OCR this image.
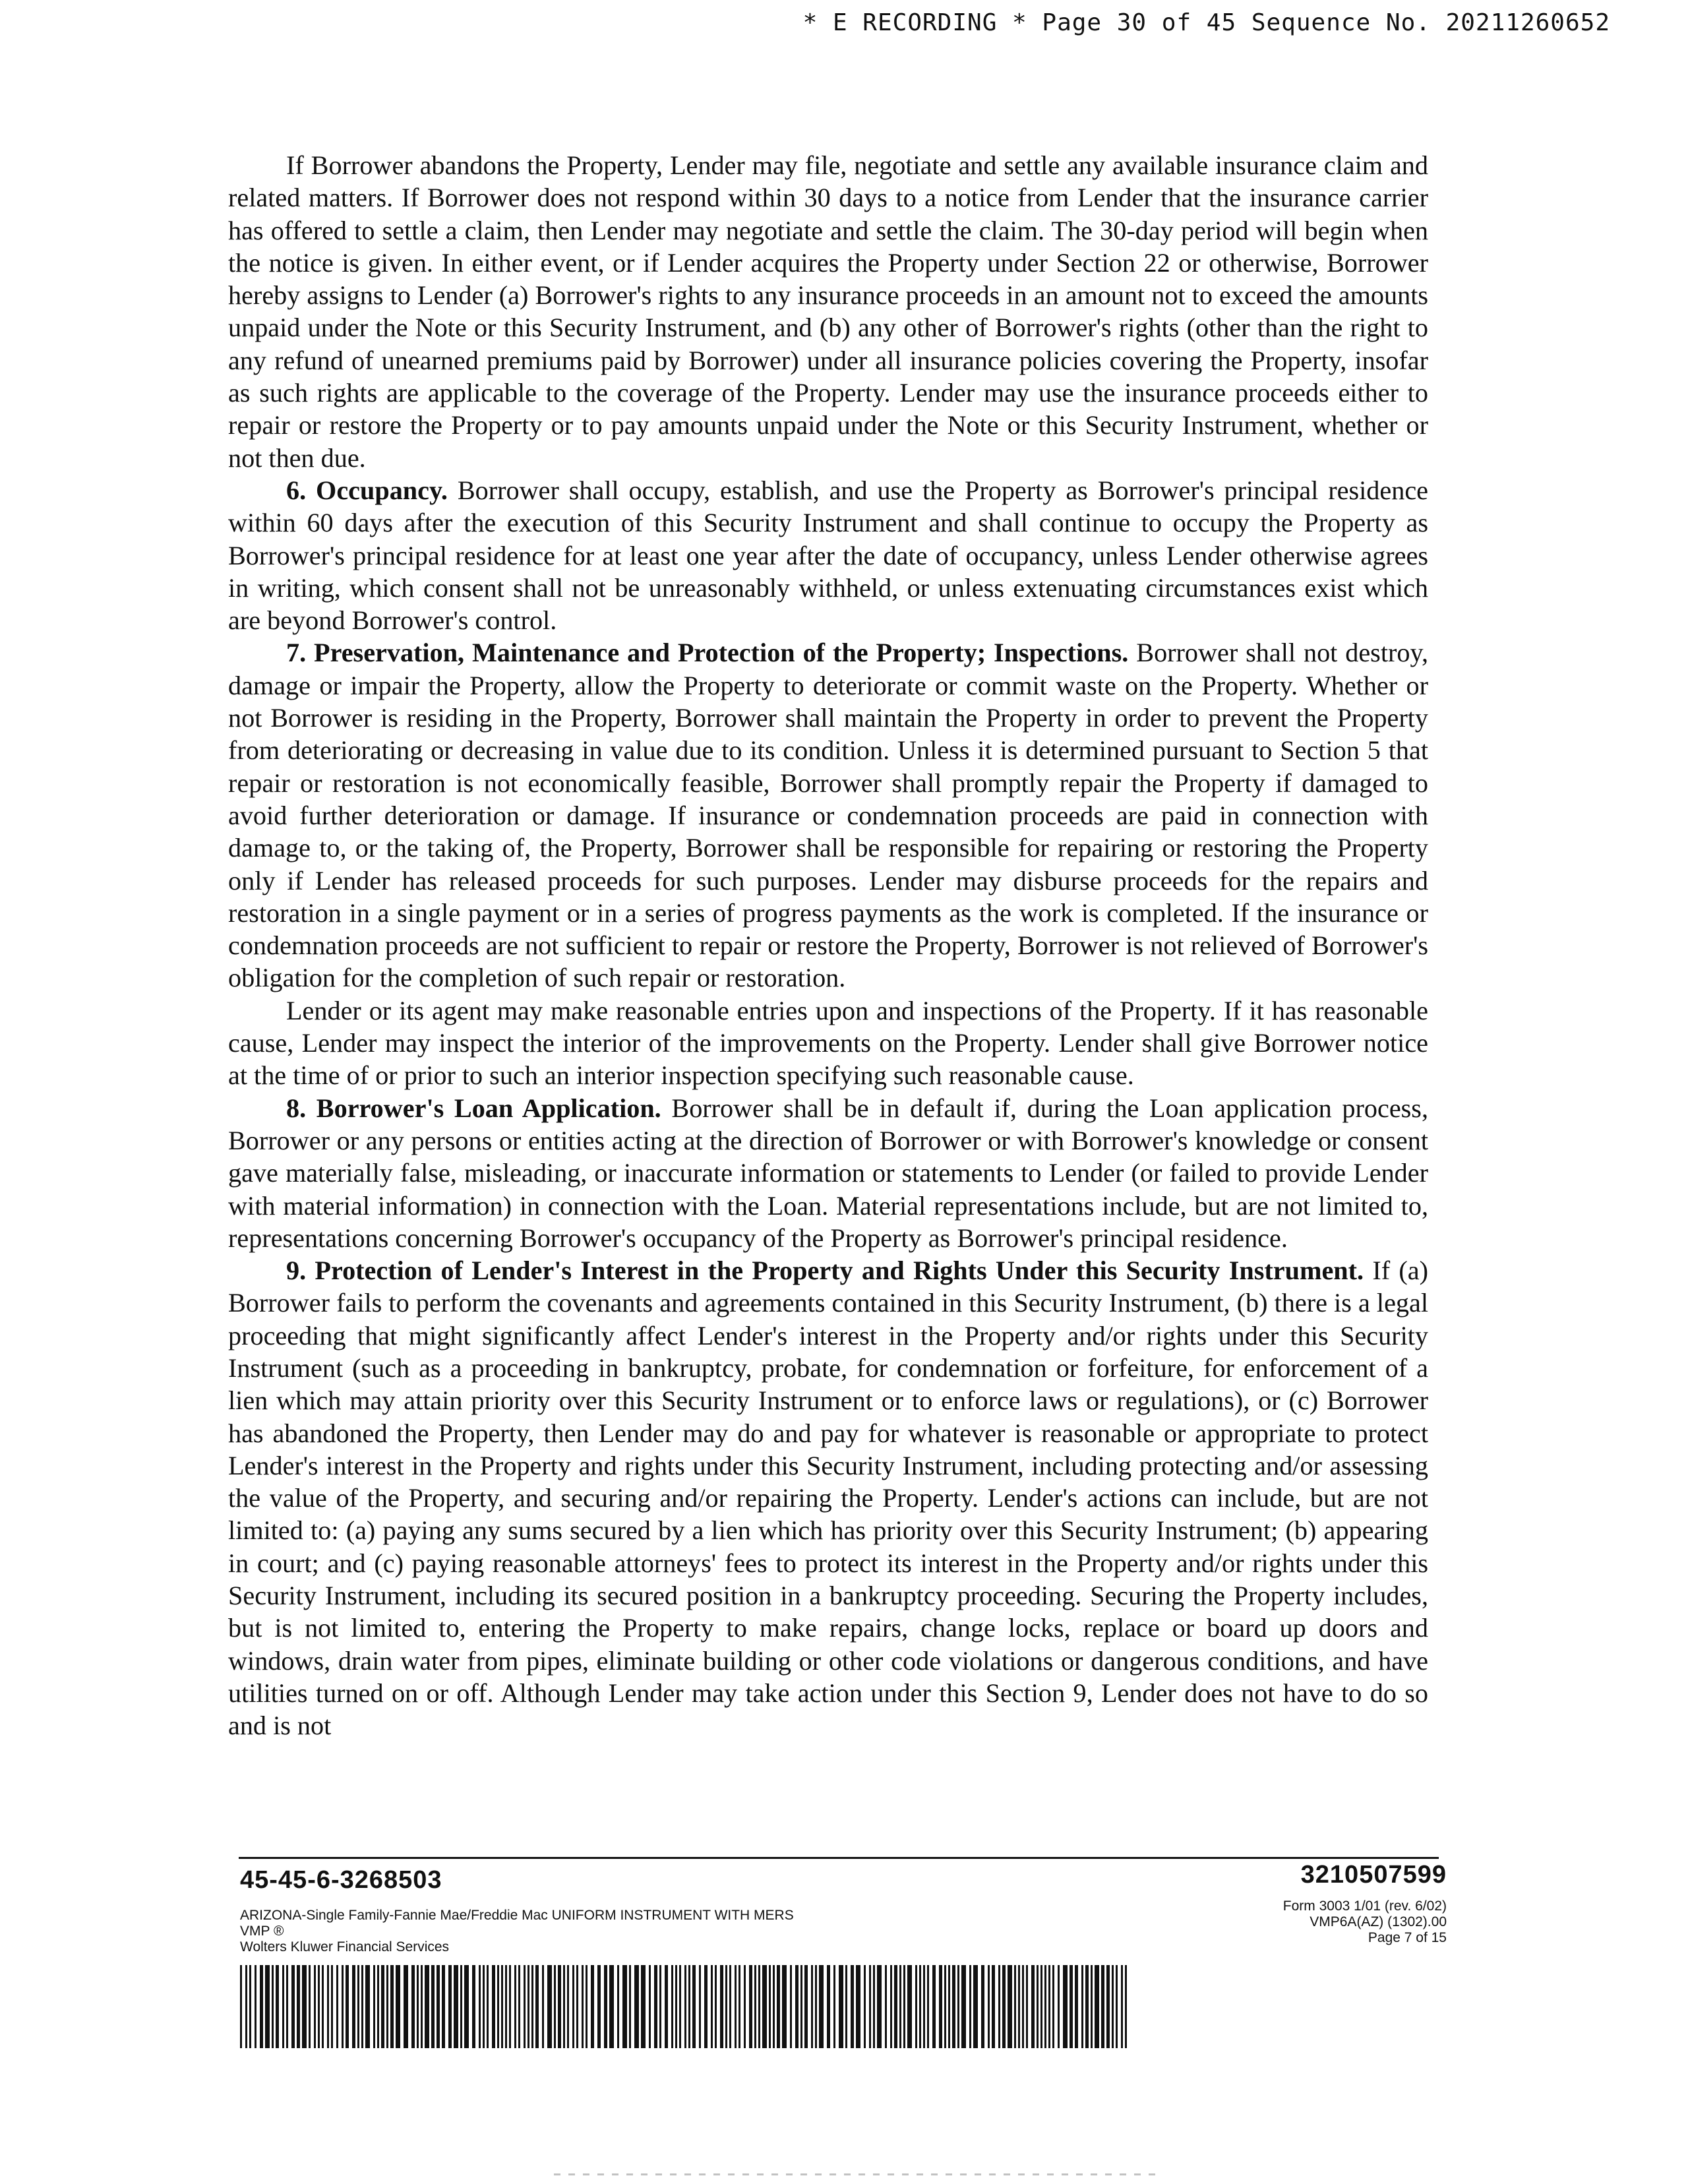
* E RECORDING * Page 30 of 45 Sequence No. 20211260652

If Borrower abandons the Property, Lender may file, negotiate and settle any available insurance claim and related matters. If Borrower does not respond within 30 days to a notice from Lender that the insurance carrier has offered to settle a claim, then Lender may negotiate and settle the claim. The 30-day period will begin when the notice is given. In either event, or if Lender acquires the Property under Section 22 or otherwise, Borrower hereby assigns to Lender (a) Borrower's rights to any insurance proceeds in an amount not to exceed the amounts unpaid under the Note or this Security Instrument, and (b) any other of Borrower's rights (other than the right to any refund of unearned premiums paid by Borrower) under all insurance policies covering the Property, insofar as such rights are applicable to the coverage of the Property. Lender may use the insurance proceeds either to repair or restore the Property or to pay amounts unpaid under the Note or this Security Instrument, whether or not then due.

6. Occupancy. Borrower shall occupy, establish, and use the Property as Borrower's principal residence within 60 days after the execution of this Security Instrument and shall continue to occupy the Property as Borrower's principal residence for at least one year after the date of occupancy, unless Lender otherwise agrees in writing, which consent shall not be unreasonably withheld, or unless extenuating circumstances exist which are beyond Borrower's control.

7. Preservation, Maintenance and Protection of the Property; Inspections. Borrower shall not destroy, damage or impair the Property, allow the Property to deteriorate or commit waste on the Property. Whether or not Borrower is residing in the Property, Borrower shall maintain the Property in order to prevent the Property from deteriorating or decreasing in value due to its condition. Unless it is determined pursuant to Section 5 that repair or restoration is not economically feasible, Borrower shall promptly repair the Property if damaged to avoid further deterioration or damage. If insurance or condemnation proceeds are paid in connection with damage to, or the taking of, the Property, Borrower shall be responsible for repairing or restoring the Property only if Lender has released proceeds for such purposes. Lender may disburse proceeds for the repairs and restoration in a single payment or in a series of progress payments as the work is completed. If the insurance or condemnation proceeds are not sufficient to repair or restore the Property, Borrower is not relieved of Borrower's obligation for the completion of such repair or restoration.

Lender or its agent may make reasonable entries upon and inspections of the Property. If it has reasonable cause, Lender may inspect the interior of the improvements on the Property. Lender shall give Borrower notice at the time of or prior to such an interior inspection specifying such reasonable cause.

8. Borrower's Loan Application. Borrower shall be in default if, during the Loan application process, Borrower or any persons or entities acting at the direction of Borrower or with Borrower's knowledge or consent gave materially false, misleading, or inaccurate information or statements to Lender (or failed to provide Lender with material information) in connection with the Loan. Material representations include, but are not limited to, representations concerning Borrower's occupancy of the Property as Borrower's principal residence.

9. Protection of Lender's Interest in the Property and Rights Under this Security Instrument. If (a) Borrower fails to perform the covenants and agreements contained in this Security Instrument, (b) there is a legal proceeding that might significantly affect Lender's interest in the Property and/or rights under this Security Instrument (such as a proceeding in bankruptcy, probate, for condemnation or forfeiture, for enforcement of a lien which may attain priority over this Security Instrument or to enforce laws or regulations), or (c) Borrower has abandoned the Property, then Lender may do and pay for whatever is reasonable or appropriate to protect Lender's interest in the Property and rights under this Security Instrument, including protecting and/or assessing the value of the Property, and securing and/or repairing the Property. Lender's actions can include, but are not limited to: (a) paying any sums secured by a lien which has priority over this Security Instrument; (b) appearing in court; and (c) paying reasonable attorneys' fees to protect its interest in the Property and/or rights under this Security Instrument, including its secured position in a bankruptcy proceeding. Securing the Property includes, but is not limited to, entering the Property to make repairs, change locks, replace or board up doors and windows, drain water from pipes, eliminate building or other code violations or dangerous conditions, and have utilities turned on or off. Although Lender may take action under this Section 9, Lender does not have to do so and is not

45-45-6-3268503
ARIZONA-Single Family-Fannie Mae/Freddie Mac UNIFORM INSTRUMENT WITH MERS
VMP ®
Wolters Kluwer Financial Services
3210507599
Form 3003 1/01 (rev. 6/02)
VMP6A(AZ) (1302).00
Page 7 of 15
